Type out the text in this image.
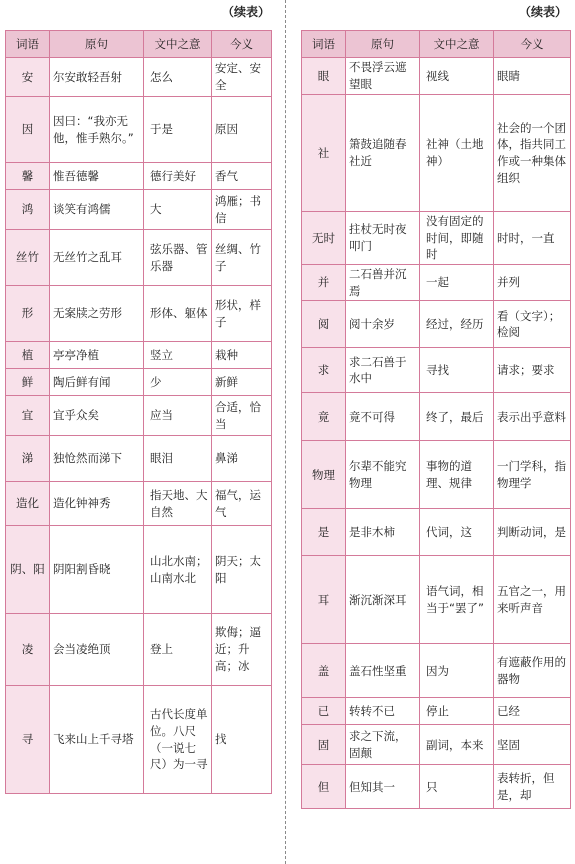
（续表）	（续表）
词语	原句	文中之意	今义
安	尔安敢轻吾射	怎么	安定、安全
因	因曰：“我亦无他，惟手熟尔。”	于是	原因
馨	惟吾德馨	德行美好	香气
鸿	谈笑有鸿儒	大	鸿雁；书信
丝竹	无丝竹之乱耳	弦乐器、管乐器	丝绸、竹子
形	无案牍之劳形	形体、躯体	形状，样子
植	亭亭净植	竖立	栽种
鲜	陶后鲜有闻	少	新鲜
宜	宜乎众矣	应当	合适，恰当
涕	独怆然而涕下	眼泪	鼻涕
造化	造化钟神秀	指天地、大自然	福气，运气
阴、阳	阴阳割昏晓	山北水南；山南水北	阴天；太阳
凌	会当凌绝顶	登上	欺侮；逼近；升高；冰
寻	飞来山上千寻塔	古代长度单位。八尺（一说七尺）为一寻	找
词语	原句	文中之意	今义
眼	不畏浮云遮望眼	视线	眼睛
社	箫鼓追随春社近	社神（土地神）	社会的一个团体，指共同工作或一种集体组织
无时	拄杖无时夜叩门	没有固定的时间，即随时	时时，一直
并	二石兽并沉焉	一起	并列
阅	阅十余岁	经过，经历	看（文字）；检阅
求	求二石兽于水中	寻找	请求；要求
竟	竟不可得	终了，最后	表示出乎意料
物理	尔辈不能究物理	事物的道理、规律	一门学科，指物理学
是	是非木柿	代词，这	判断动词，是
耳	渐沉渐深耳	语气词，相当于“罢了”	五官之一，用来听声音
盖	盖石性坚重	因为	有遮蔽作用的器物
已	转转不已	停止	已经
固	求之下流，固颠	副词，本来	坚固
但	但知其一	只	表转折，但是，却
